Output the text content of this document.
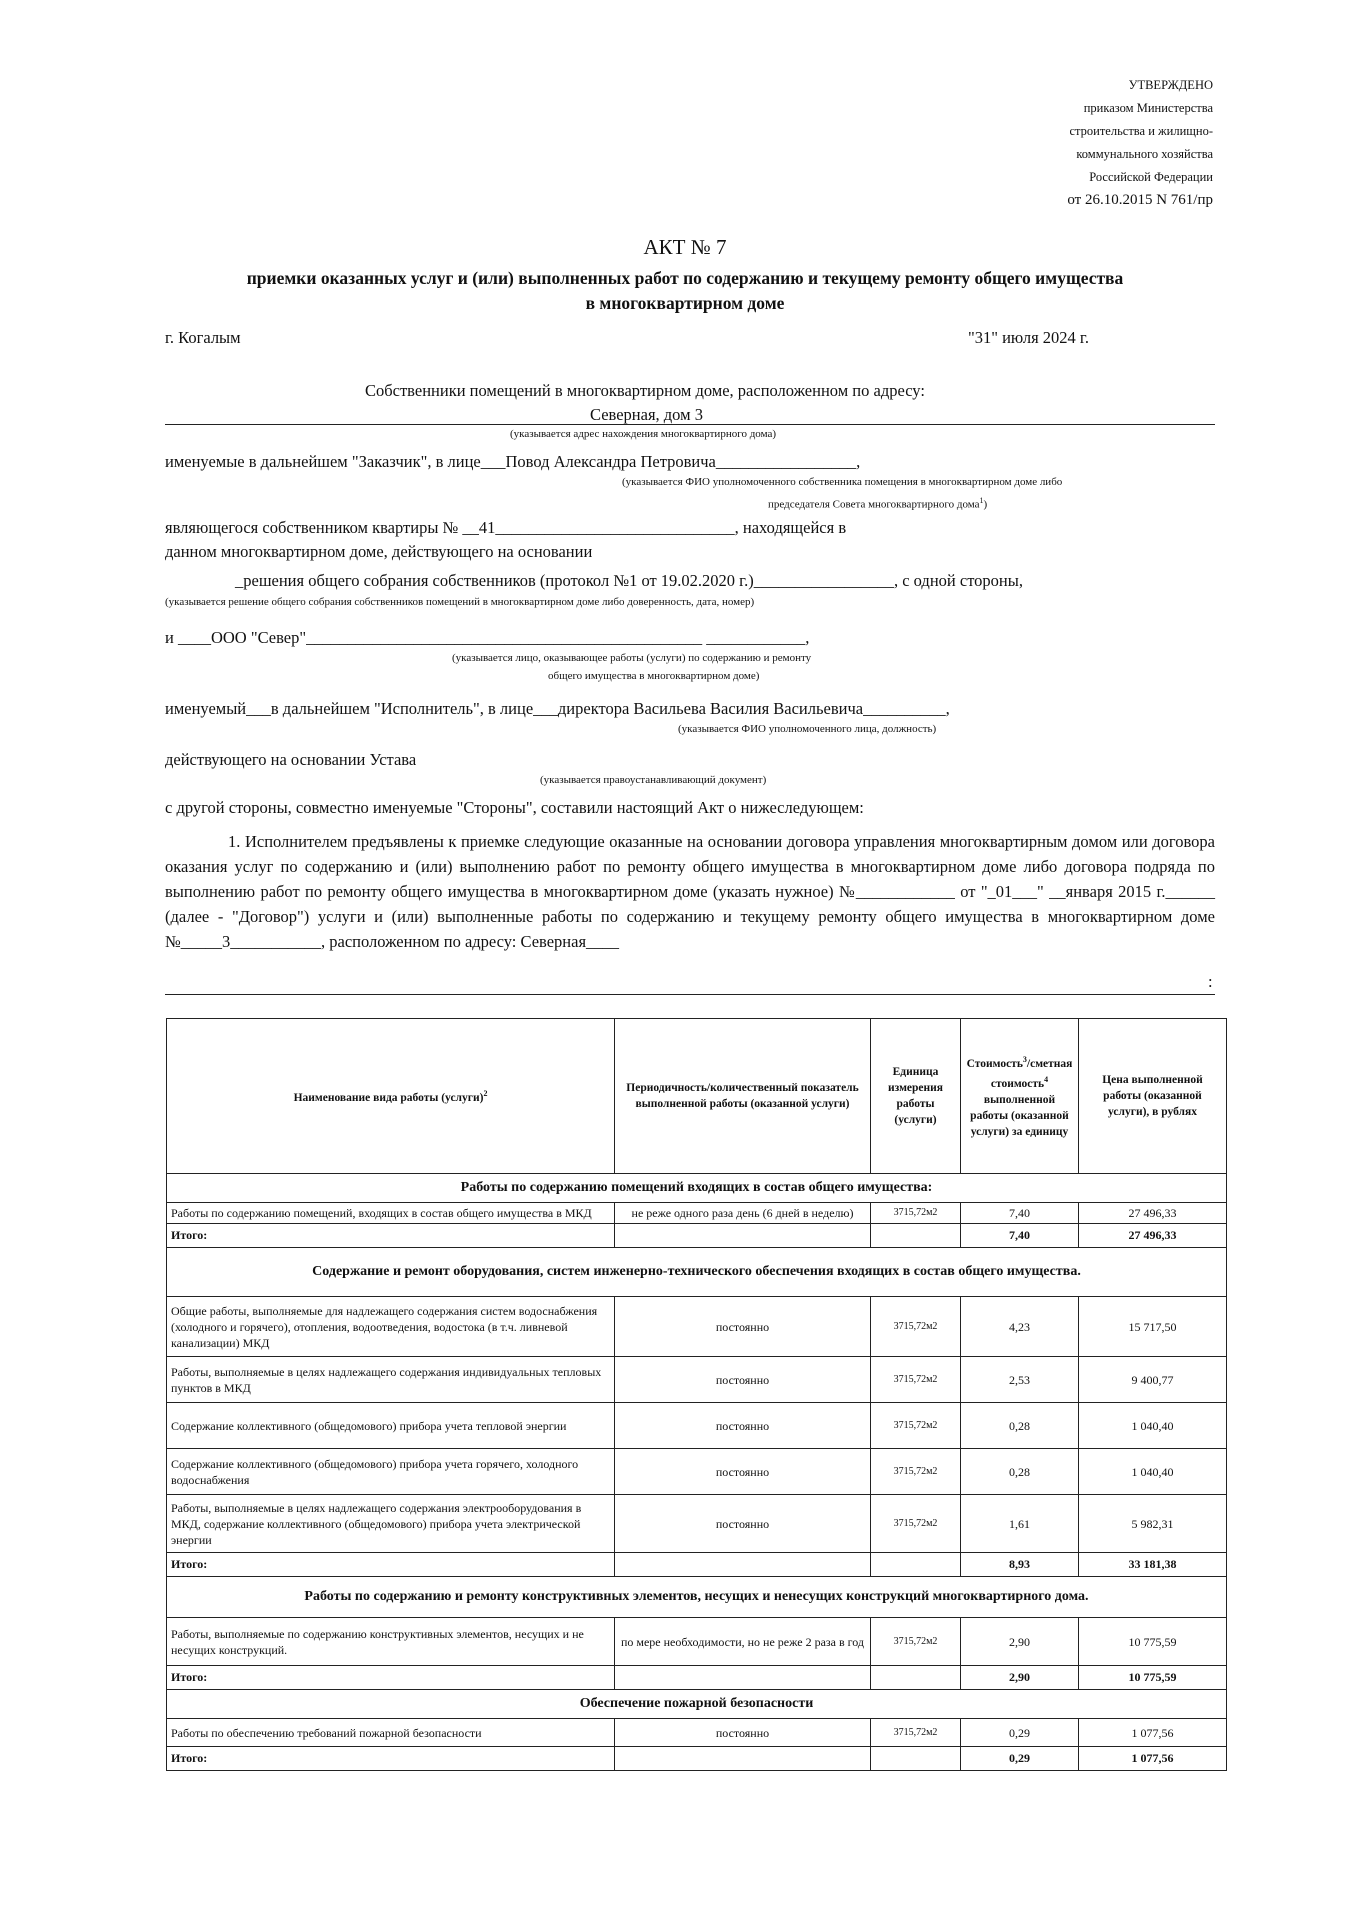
УТВЕРЖДЕНО
приказом Министерства
строительства и жилищно-
коммунального хозяйства
Российской Федерации
от 26.10.2015 N 761/пр
АКТ № 7
приемки оказанных услуг и (или) выполненных работ по содержанию и текущему ремонту общего имущества
в многоквартирном доме
г. Когалым	"31" июля 2024 г.
Собственники помещений в многоквартирном доме, расположенном по адресу:
Северная, дом 3
(указывается адрес нахождения многоквартирного дома)
именуемые в дальнейшем "Заказчик", в лице___Повод Александра Петровича_________________,
(указывается ФИО уполномоченного собственника помещения в многоквартирном доме либо
председателя Совета многоквартирного дома$^1$)
являющегося собственником квартиры № __41_____________________________, находящейся в
данном многоквартирном доме, действующего на основании
_решения общего собрания собственников (протокол №1 от 19.02.2020 г.)_________________, с одной стороны,
(указывается решение общего собрания собственников помещений в многоквартирном доме либо доверенность, дата, номер)
и ____ООО "Север"________________________________________________ ____________,
(указывается лицо, оказывающее работы (услуги) по содержанию и ремонту
общего имущества в многоквартирном доме)
именуемый___в дальнейшем "Исполнитель", в лице___директора Васильева Василия Васильевича__________,
(указывается ФИО уполномоченного лица, должность)
действующего на основании Устава
(указывается правоустанавливающий документ)
с другой стороны, совместно именуемые "Стороны", составили настоящий Акт о нижеследующем:
1. Исполнителем предъявлены к приемке следующие оказанные на основании договора управления многоквартирным домом или договора оказания услуг по содержанию и (или) выполнению работ по ремонту общего имущества в многоквартирном доме либо договора подряда по выполнению работ по ремонту общего имущества в многоквартирном доме (указать нужное) №____________ от "_01___" __января 2015 г.______ (далее - "Договор") услуги и (или) выполненные работы по содержанию и текущему ремонту общего имущества в многоквартирном доме №_____3___________, расположенном по адресу: Северная____
:
Наименование вида работы (услуги)$^2$	Периодичность/количественный показатель выполненной работы (оказанной услуги)	Единица измерения работы (услуги)	Стоимость$^3$/сметная стоимость$^4$ выполненной работы (оказанной услуги) за единицу	Цена выполненной работы (оказанной услуги), в рублях
Работы по содержанию помещений входящих в состав общего имущества:				
Работы по содержанию помещений, входящих в состав общего имущества в МКД	не реже одного раза день (6 дней в неделю)	3715,72м2	7,40	27 496,33
Итого:			7,40	27 496,33
Содержание и ремонт оборудования, систем инженерно-технического обеспечения входящих в состав общего имущества.				
Общие работы, выполняемые для надлежащего содержания систем водоснабжения (холодного и горячего), отопления, водоотведения, водостока (в т.ч. ливневой канализации) МКД	постоянно	3715,72м2	4,23	15 717,50
Работы, выполняемые в целях надлежащего содержания индивидуальных тепловых пунктов в МКД	постоянно	3715,72м2	2,53	9 400,77
Содержание коллективного (общедомового) прибора учета тепловой энергии	постоянно	3715,72м2	0,28	1 040,40
Содержание коллективного (общедомового) прибора учета горячего, холодного водоснабжения	постоянно	3715,72м2	0,28	1 040,40
Работы, выполняемые в целях надлежащего содержания электрооборудования в МКД, содержание коллективного (общедомового) прибора учета электрической энергии	постоянно	3715,72м2	1,61	5 982,31
Итого:			8,93	33 181,38
Работы по содержанию и ремонту конструктивных элементов, несущих и ненесущих конструкций многоквартирного дома.				
Работы, выполняемые по содержанию конструктивных элементов, несущих и не несущих конструкций.	по мере необходимости, но не реже 2 раза в год	3715,72м2	2,90	10 775,59
Итого:			2,90	10 775,59
Обеспечение пожарной безопасности				
Работы по обеспечению требований пожарной безопасности	постоянно	3715,72м2	0,29	1 077,56
Итого:			0,29	1 077,56
